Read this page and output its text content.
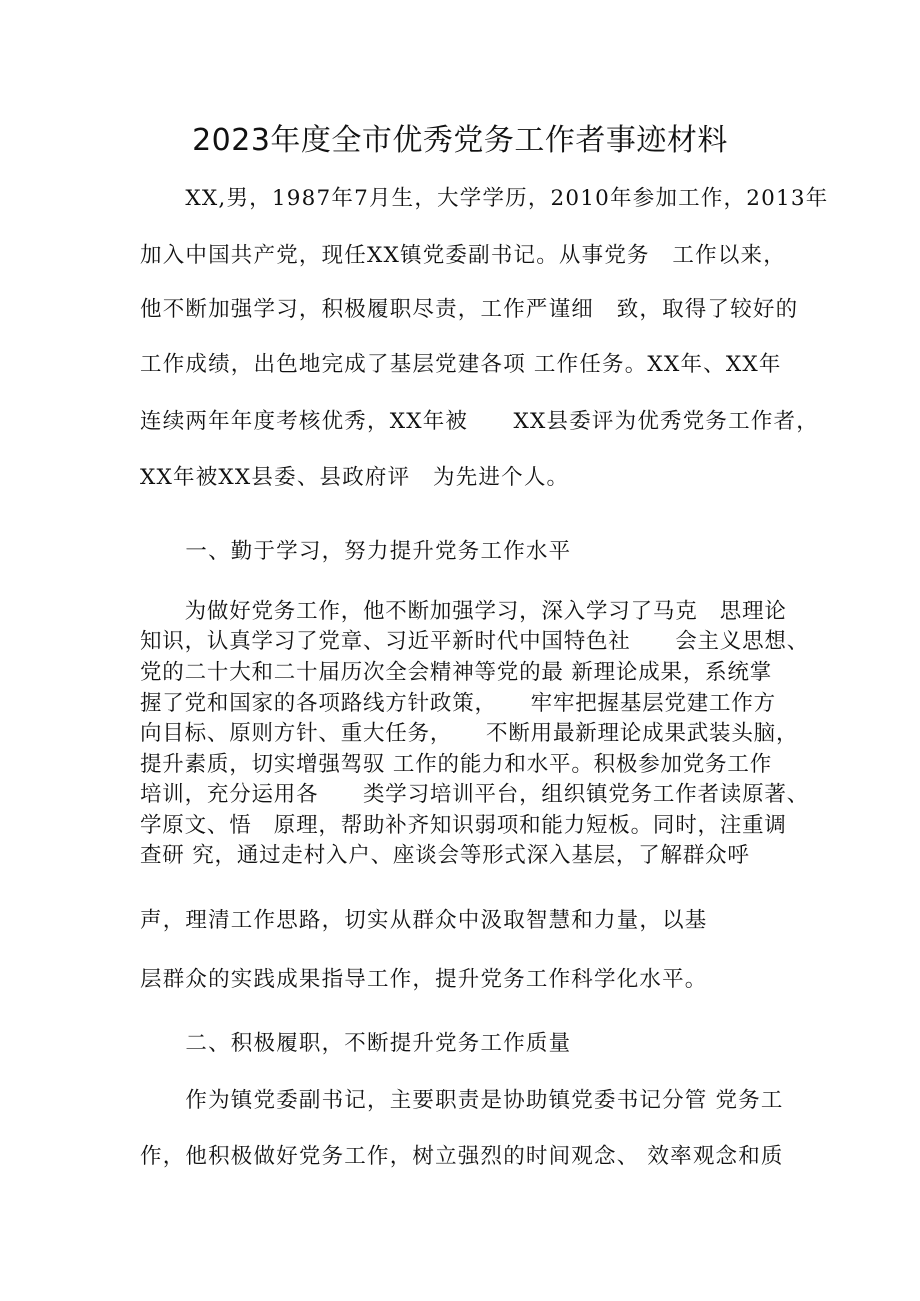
2023年度全市优秀党务工作者事迹材料
　　XX,男，1987年7月生，大学学历，2010年参加工作，2013年
加入中国共产党，现任XX镇党委副书记。从事党务　工作以来，
他不断加强学习，积极履职尽责，工作严谨细　致，取得了较好的
工作成绩，出色地完成了基层党建各项 工作任务。XX年、XX年
连续两年年度考核优秀，XX年被　　XX县委评为优秀党务工作者，
XX年被XX县委、县政府评　为先进个人。
　　一、勤于学习，努力提升党务工作水平
　　为做好党务工作，他不断加强学习，深入学习了马克　思理论
知识，认真学习了党章、习近平新时代中国特色社　　会主义思想、
党的二十大和二十届历次全会精神等党的最 新理论成果，系统掌
握了党和国家的各项路线方针政策，　　牢牢把握基层党建工作方
向目标、原则方针、重大任务，　　不断用最新理论成果武装头脑，
提升素质，切实增强驾驭 工作的能力和水平。积极参加党务工作
培训，充分运用各　　类学习培训平台，组织镇党务工作者读原著、
学原文、悟　原理，帮助补齐知识弱项和能力短板。同时，注重调
查研 究，通过走村入户、座谈会等形式深入基层，了解群众呼
声，理清工作思路，切实从群众中汲取智慧和力量，以基
层群众的实践成果指导工作，提升党务工作科学化水平。
　　二、积极履职，不断提升党务工作质量
　　作为镇党委副书记，主要职责是协助镇党委书记分管 党务工
作，他积极做好党务工作，树立强烈的时间观念、 效率观念和质
